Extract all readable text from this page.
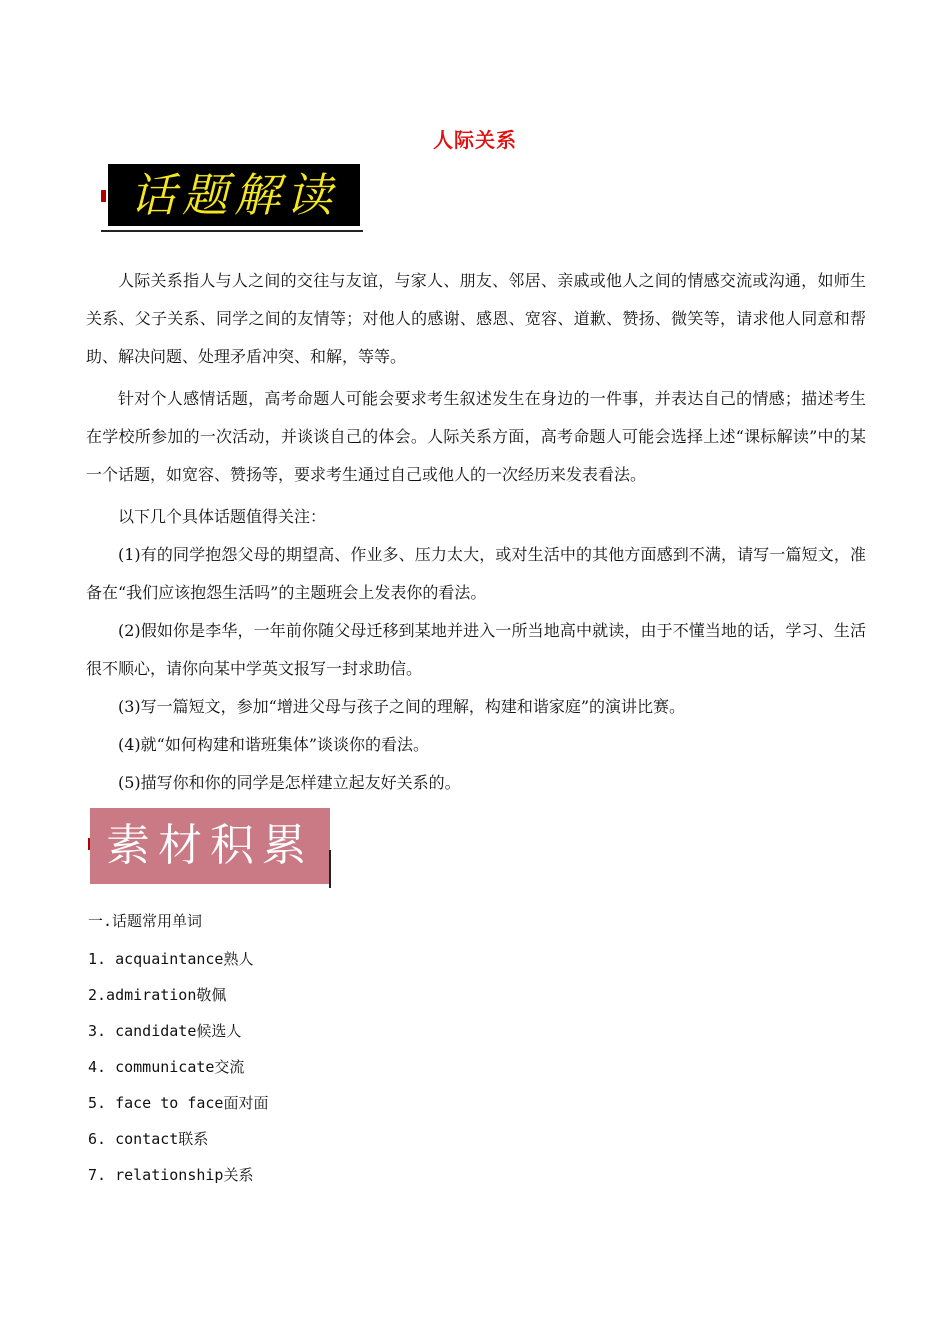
人际关系
话题解读

人际关系指人与人之间的交往与友谊，与家人、朋友、邻居、亲戚或他人之间的情感交流或沟通，如师生关系、父子关系、同学之间的友情等；对他人的感谢、感恩、宽容、道歉、赞扬、微笑等，请求他人同意和帮助、解决问题、处理矛盾冲突、和解，等等。

针对个人感情话题，高考命题人可能会要求考生叙述发生在身边的一件事，并表达自己的情感；描述考生在学校所参加的一次活动，并谈谈自己的体会。人际关系方面，高考命题人可能会选择上述“课标解读”中的某一个话题，如宽容、赞扬等，要求考生通过自己或他人的一次经历来发表看法。

以下几个具体话题值得关注：

(1)有的同学抱怨父母的期望高、作业多、压力太大，或对生活中的其他方面感到不满，请写一篇短文，准备在“我们应该抱怨生活吗”的主题班会上发表你的看法。

(2)假如你是李华，一年前你随父母迁移到某地并进入一所当地高中就读，由于不懂当地的话，学习、生活很不顺心，请你向某中学英文报写一封求助信。

(3)写一篇短文，参加“增进父母与孩子之间的理解，构建和谐家庭”的演讲比赛。

(4)就“如何构建和谐班集体”谈谈你的看法。

(5)描写你和你的同学是怎样建立起友好关系的。

素材积累
一.话题常用单词
1. acquaintance熟人
2.admiration敬佩
3. candidate候选人
4. communicate交流
5. face to face面对面
6. contact联系
7. relationship关系
